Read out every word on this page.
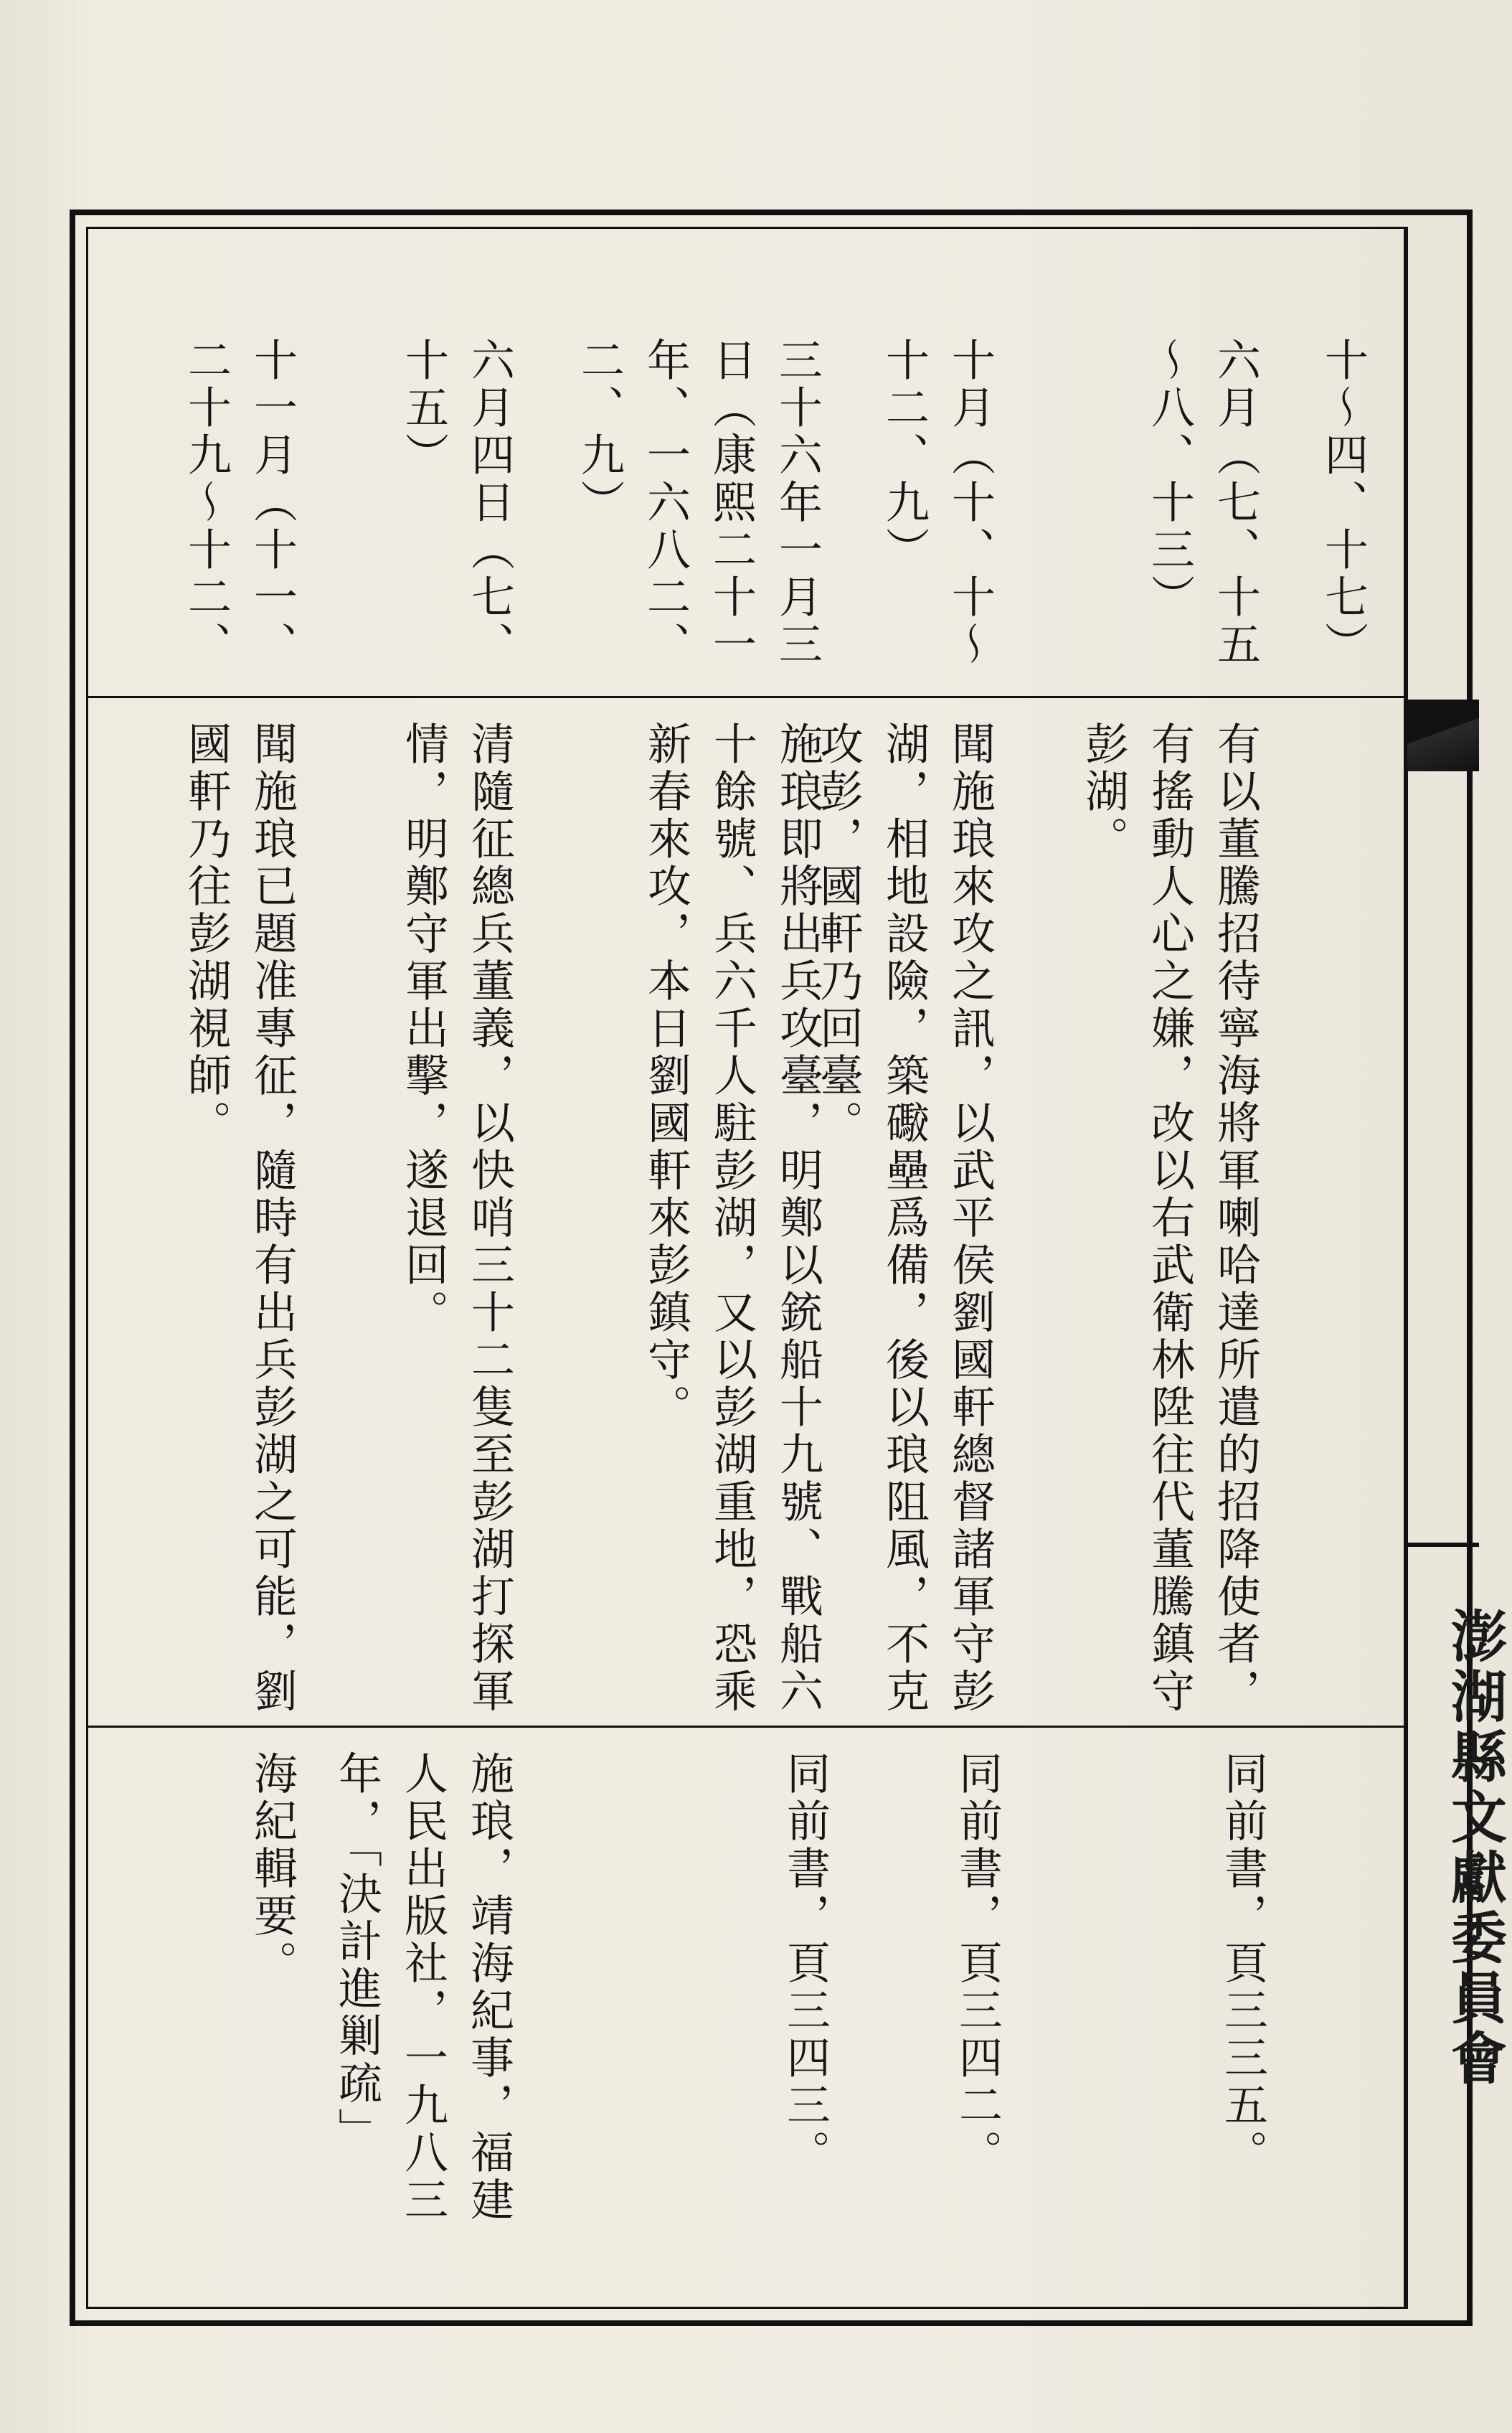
澎湖縣文獻委員會
十一月（十一、
二十九～十二、
聞施琅已題准專征，隨時有出兵彭湖之可能，劉
國軒乃往彭湖視師。
海紀輯要。
六月四日（七、
十五）
清隨征總兵董義，以快哨三十二隻至彭湖打探軍
情，明鄭守軍出擊，遂退回。
施琅，靖海紀事，福建
人民出版社，一九八三
年，「決計進剿疏」
三十六年一月三
日（康熙二十一
年、一六八二、
二、九）
施琅即將出兵攻臺，明鄭以銃船十九號、戰船六
十餘號、兵六千人駐彭湖，又以彭湖重地，恐乘
新春來攻，本日劉國軒來彭鎮守。
同前書，頁三四三。
十月（十、十～
十二、九）
聞施琅來攻之訊，以武平侯劉國軒總督諸軍守彭
湖，相地設險，築礮壘爲備，後以琅阻風，不克
攻彭，國軒乃回臺。
同前書，頁三四二。
六月（七、十五
～八、十三）
有以董騰招待寧海將軍喇哈達所遣的招降使者，
有搖動人心之嫌，改以右武衛林陞往代董騰鎮守
彭湖。
同前書，頁三三五。
十～四、十七）
